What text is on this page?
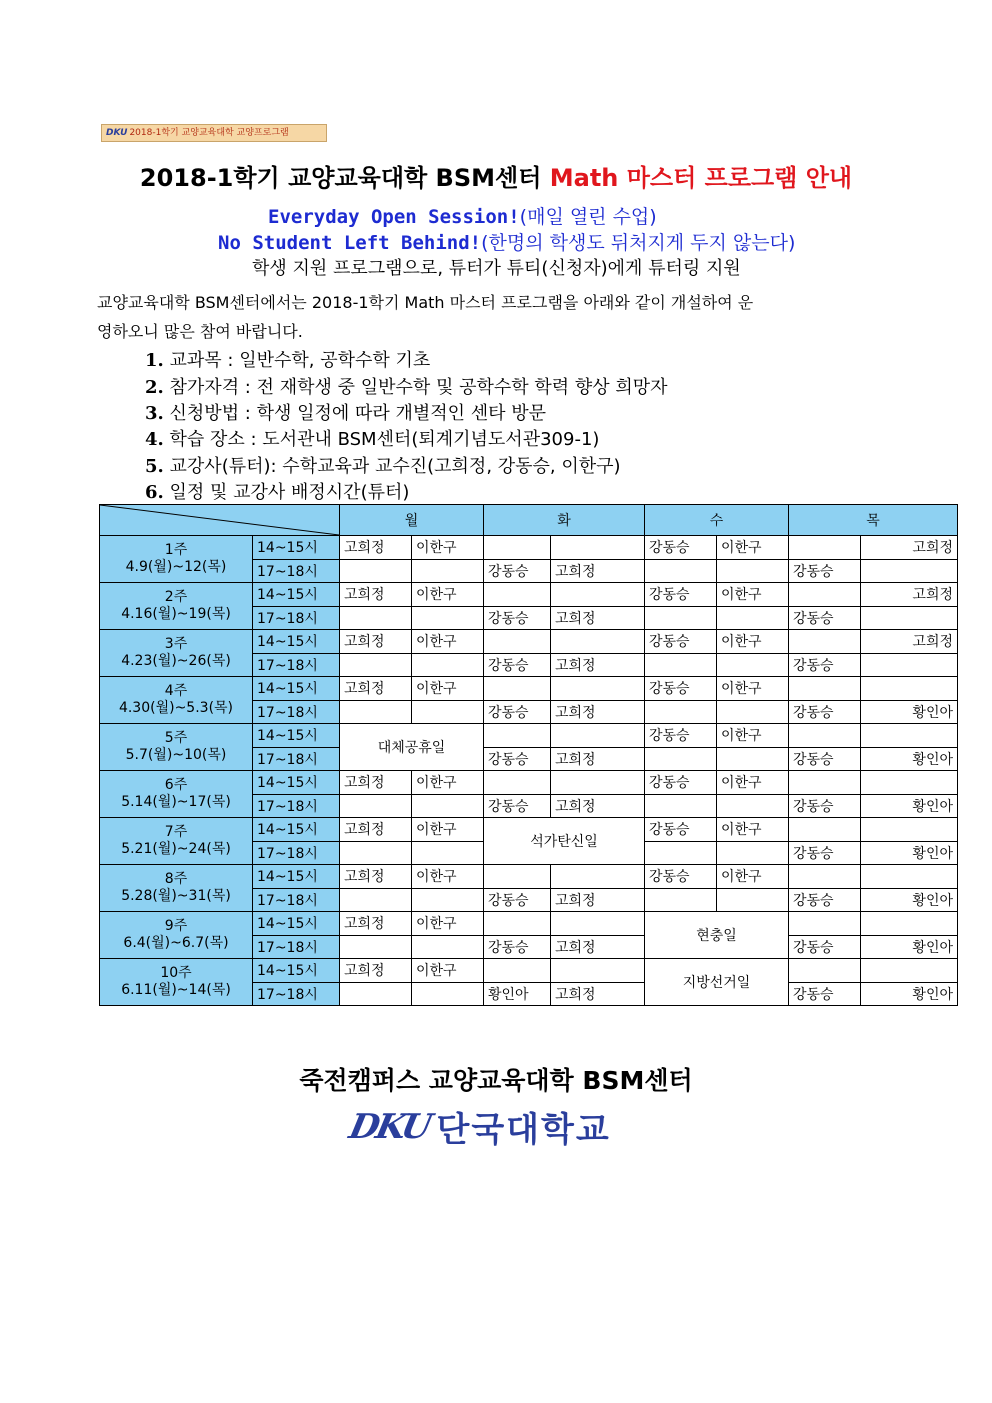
DKU 2018-1학기 교양교육대학 교양프로그램
2018-1학기 교양교육대학 BSM센터 Math 마스터 프로그램 안내
Everyday Open Session!(매일 열린 수업)
No Student Left Behind!(한명의 학생도 뒤처지게 두지 않는다)
학생 지원 프로그램으로, 튜터가 튜티(신청자)에게 튜터링 지원
교양교육대학 BSM센터에서는 2018-1학기 Math 마스터 프로그램을 아래와 같이 개설하여 운
영하오니 많은 참여 바랍니다.
1. 교과목 : 일반수학, 공학수학 기초
2. 참가자격 : 전 재학생 중 일반수학 및 공학수학 학력 향상 희망자
3. 신청방법 : 학생 일정에 따라 개별적인 센타 방문
4. 학습 장소 : 도서관내 BSM센터(퇴계기념도서관309-1)
5. 교강사(튜터): 수학교육과 교수진(고희정, 강동승, 이한구)
6. 일정 및 교강사 배정시간(튜터)
	월		화		수		목	

1주
4.9(월)~12(목)	14~15시	고희정	이한구			강동승	이한구		고희정
	17~18시			강동승	고희정			강동승	

2주
4.16(월)~19(목)	14~15시	고희정	이한구			강동승	이한구		고희정
	17~18시			강동승	고희정			강동승	

3주
4.23(월)~26(목)	14~15시	고희정	이한구			강동승	이한구		고희정
	17~18시			강동승	고희정			강동승	

4주
4.30(월)~5.3(목)	14~15시	고희정	이한구			강동승	이한구		
	17~18시			강동승	고희정			강동승	황인아

5주
5.7(월)~10(목)	14~15시	대체공휴일				강동승	이한구		
	17~18시			강동승	고희정			강동승	황인아

6주
5.14(월)~17(목)	14~15시	고희정	이한구			강동승	이한구		
	17~18시			강동승	고희정			강동승	황인아

7주
5.21(월)~24(목)	14~15시	고희정	이한구	석가탄신일		강동승	이한구		
	17~18시							강동승	황인아

8주
5.28(월)~31(목)	14~15시	고희정	이한구			강동승	이한구		
	17~18시			강동승	고희정			강동승	황인아

9주
6.4(월)~6.7(목)	14~15시	고희정	이한구			현충일			
	17~18시			강동승	고희정			강동승	황인아

10주
6.11(월)~14(목)	14~15시	고희정	이한구			지방선거일			
	17~18시			황인아	고희정			강동승	황인아
죽전캠퍼스 교양교육대학 BSM센터
DKU 단국대학교
